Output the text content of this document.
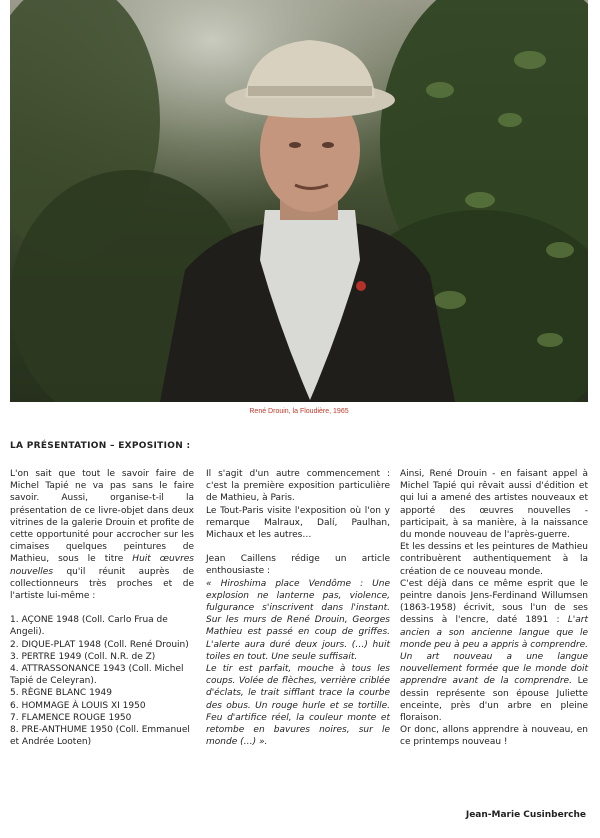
René Drouin, la Floudière, 1965
LA PRÉSENTATION – EXPOSITION :

L'on sait que tout le savoir faire de Michel Tapié ne va pas sans le faire savoir. Aussi, organise-t-il la présentation de ce livre-objet dans deux vitrines de la galerie Drouin et profite de cette opportunité pour accrocher sur les cimaises quelques peintures de Mathieu, sous le titre Huit œuvres nouvelles qu'il réunit auprès de collectionneurs très proches et de l'artiste lui-même :

1. AÇONE 1948 (Coll. Carlo Frua de Angeli).
2. DIQUE-PLAT 1948 (Coll. René Drouin)
3. PERTRE 1949 (Coll. N.R. de Z)
4. ATTRASSONANCE 1943 (Coll. Michel Tapié de Celeyran).
5. RÈGNE BLANC 1949
6. HOMMAGE À LOUIS XI 1950
7. FLAMENCE ROUGE 1950
8. PRE-ANTHUME 1950 (Coll. Emmanuel et Andrée Looten)

Il s'agit d'un autre commencement : c'est la première exposition particulière de Mathieu, à Paris.

Le Tout-Paris visite l'exposition où l'on y remarque Malraux, Dalí, Paulhan, Michaux et les autres…

Jean Caillens rédige un article enthousiaste :

« Hiroshima place Vendôme : Une explosion ne lanterne pas, violence, fulgurance s'inscrivent dans l'instant. Sur les murs de René Drouin, Georges Mathieu est passé en coup de griffes. L'alerte aura duré deux jours. (…) huit toiles en tout. Une seule suffisait.

Le tir est parfait, mouche à tous les coups. Volée de flèches, verrière criblée d'éclats, le trait sifflant trace la courbe des obus. Un rouge hurle et se tortille. Feu d'artifice réel, la couleur monte et retombe en bavures noires, sur le monde (…) ».

Ainsi, René Drouin - en faisant appel à Michel Tapié qui rêvait aussi d'édition et qui lui a amené des artistes nouveaux et apporté des œuvres nouvelles - participait, à sa manière, à la naissance du monde nouveau de l'après-guerre.

Et les dessins et les peintures de Mathieu contribuèrent authentiquement à la création de ce nouveau monde.

C'est déjà dans ce même esprit que le peintre danois Jens-Ferdinand Willumsen (1863-1958) écrivit, sous l'un de ses dessins à l'encre, daté 1891 : L'art ancien a son ancienne langue que le monde peu à peu a appris à comprendre. Un art nouveau a une langue nouvellement formée que le monde doit apprendre avant de la comprendre. Le dessin représente son épouse Juliette enceinte, près d'un arbre en pleine floraison.

Or donc, allons apprendre à nouveau, en ce printemps nouveau !

Jean-Marie Cusinberche
